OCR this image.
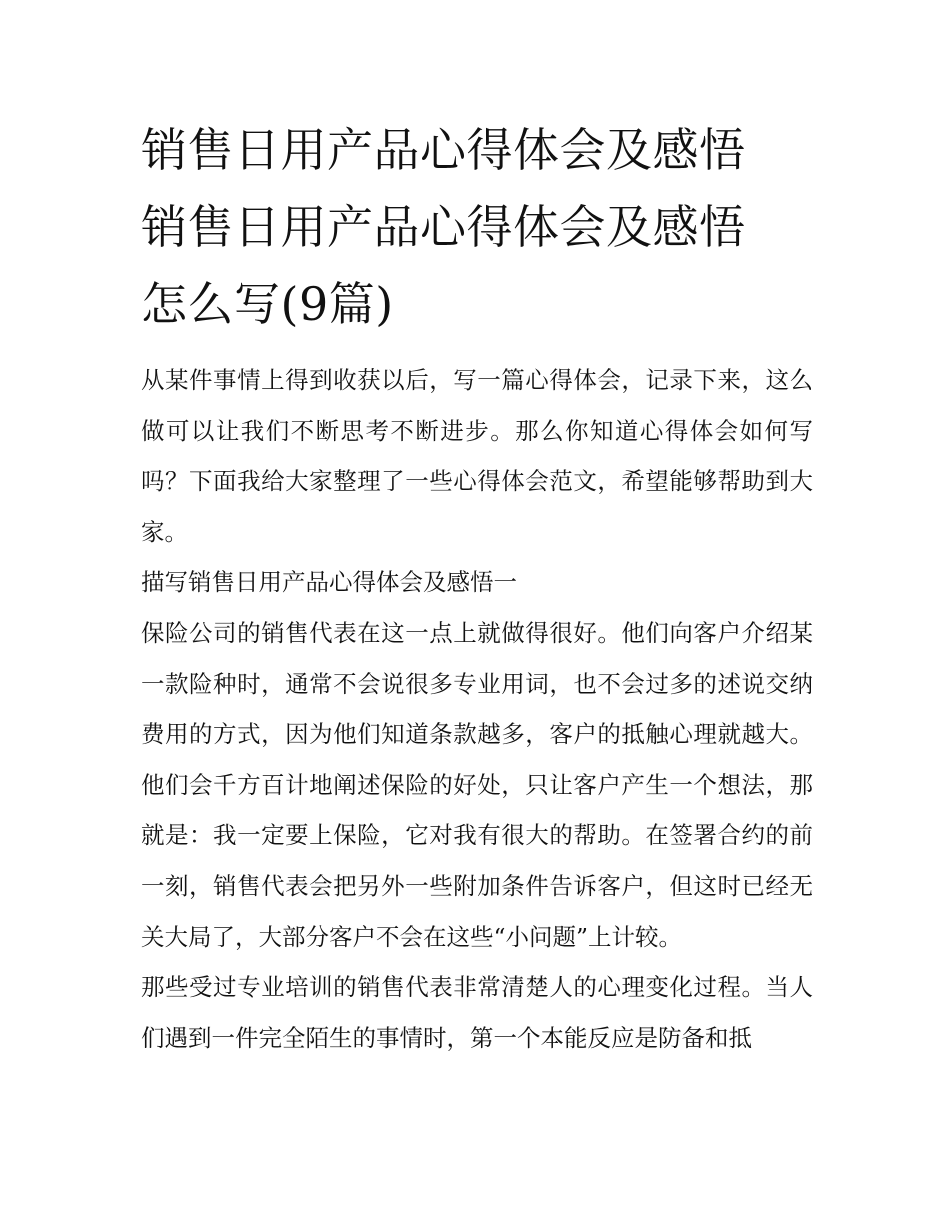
销售日用产品心得体会及感悟
销售日用产品心得体会及感悟
怎么写(9篇)

从某件事情上得到收获以后，写一篇心得体会，记录下来，这么做可以让我们不断思考不断进步。那么你知道心得体会如何写吗？下面我给大家整理了一些心得体会范文，希望能够帮助到大家。

描写销售日用产品心得体会及感悟一

保险公司的销售代表在这一点上就做得很好。他们向客户介绍某一款险种时，通常不会说很多专业用词，也不会过多的述说交纳费用的方式，因为他们知道条款越多，客户的抵触心理就越大。他们会千方百计地阐述保险的好处，只让客户产生一个想法，那就是：我一定要上保险，它对我有很大的帮助。在签署合约的前一刻，销售代表会把另外一些附加条件告诉客户，但这时已经无关大局了，大部分客户不会在这些“小问题”上计较。

那些受过专业培训的销售代表非常清楚人的心理变化过程。当人们遇到一件完全陌生的事情时，第一个本能反应是防备和抵
